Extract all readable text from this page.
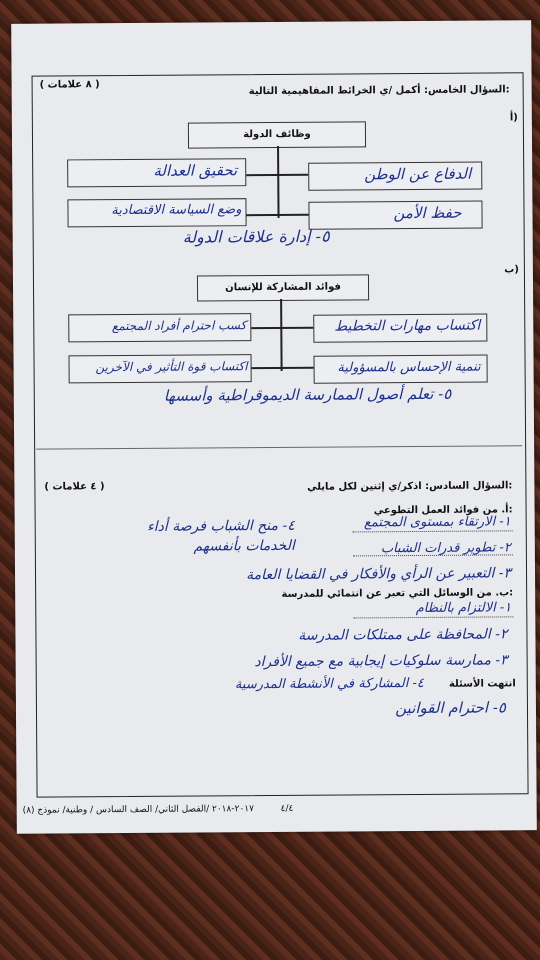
السؤال الخامس: أكمل /ي الخرائط المفاهيمية التالية:
( ٨ علامات )
أ)
وظائف الدولة
تحقيق العدالة	الدفاع عن الوطن
وضع السياسة الاقتصادية	حفظ الأمن
٥- إدارة علاقات الدولة
ب)
فوائد المشاركة للإنسان
كسب احترام أفراد المجتمع	اكتساب مهارات التخطيط
اكتساب قوة التأثير في الآخرين	تنمية الإحساس بالمسؤولية
٥- تعلم أصول الممارسة الديموقراطية وأسسها
( ٤ علامات )	السؤال السادس: اذكر/ي إثنين لكل مايلي:
أ. من فوائد العمل التطوعي:
١- الارتقاء بمستوى المجتمع
٢- تطوير قدرات الشباب
٣- التعبير عن الرأي والأفكار في القضايا العامة
٤- منح الشباب فرصة أداء الخدمات بأنفسهم
ب. من الوسائل التي تعبر عن انتمائي للمدرسة:
١- الالتزام بالنظام
٢- المحافظة على ممتلكات المدرسة
٣- ممارسة سلوكيات إيجابية مع جميع الأفراد
٤- المشاركة في الأنشطة المدرسية	انتهت الأسئلة
٥- احترام القوانين
٢٠١٧-٢٠١٨ /الفصل الثاني/ الصف السادس / وطنية/ نموذج (٨)	٤/٤
